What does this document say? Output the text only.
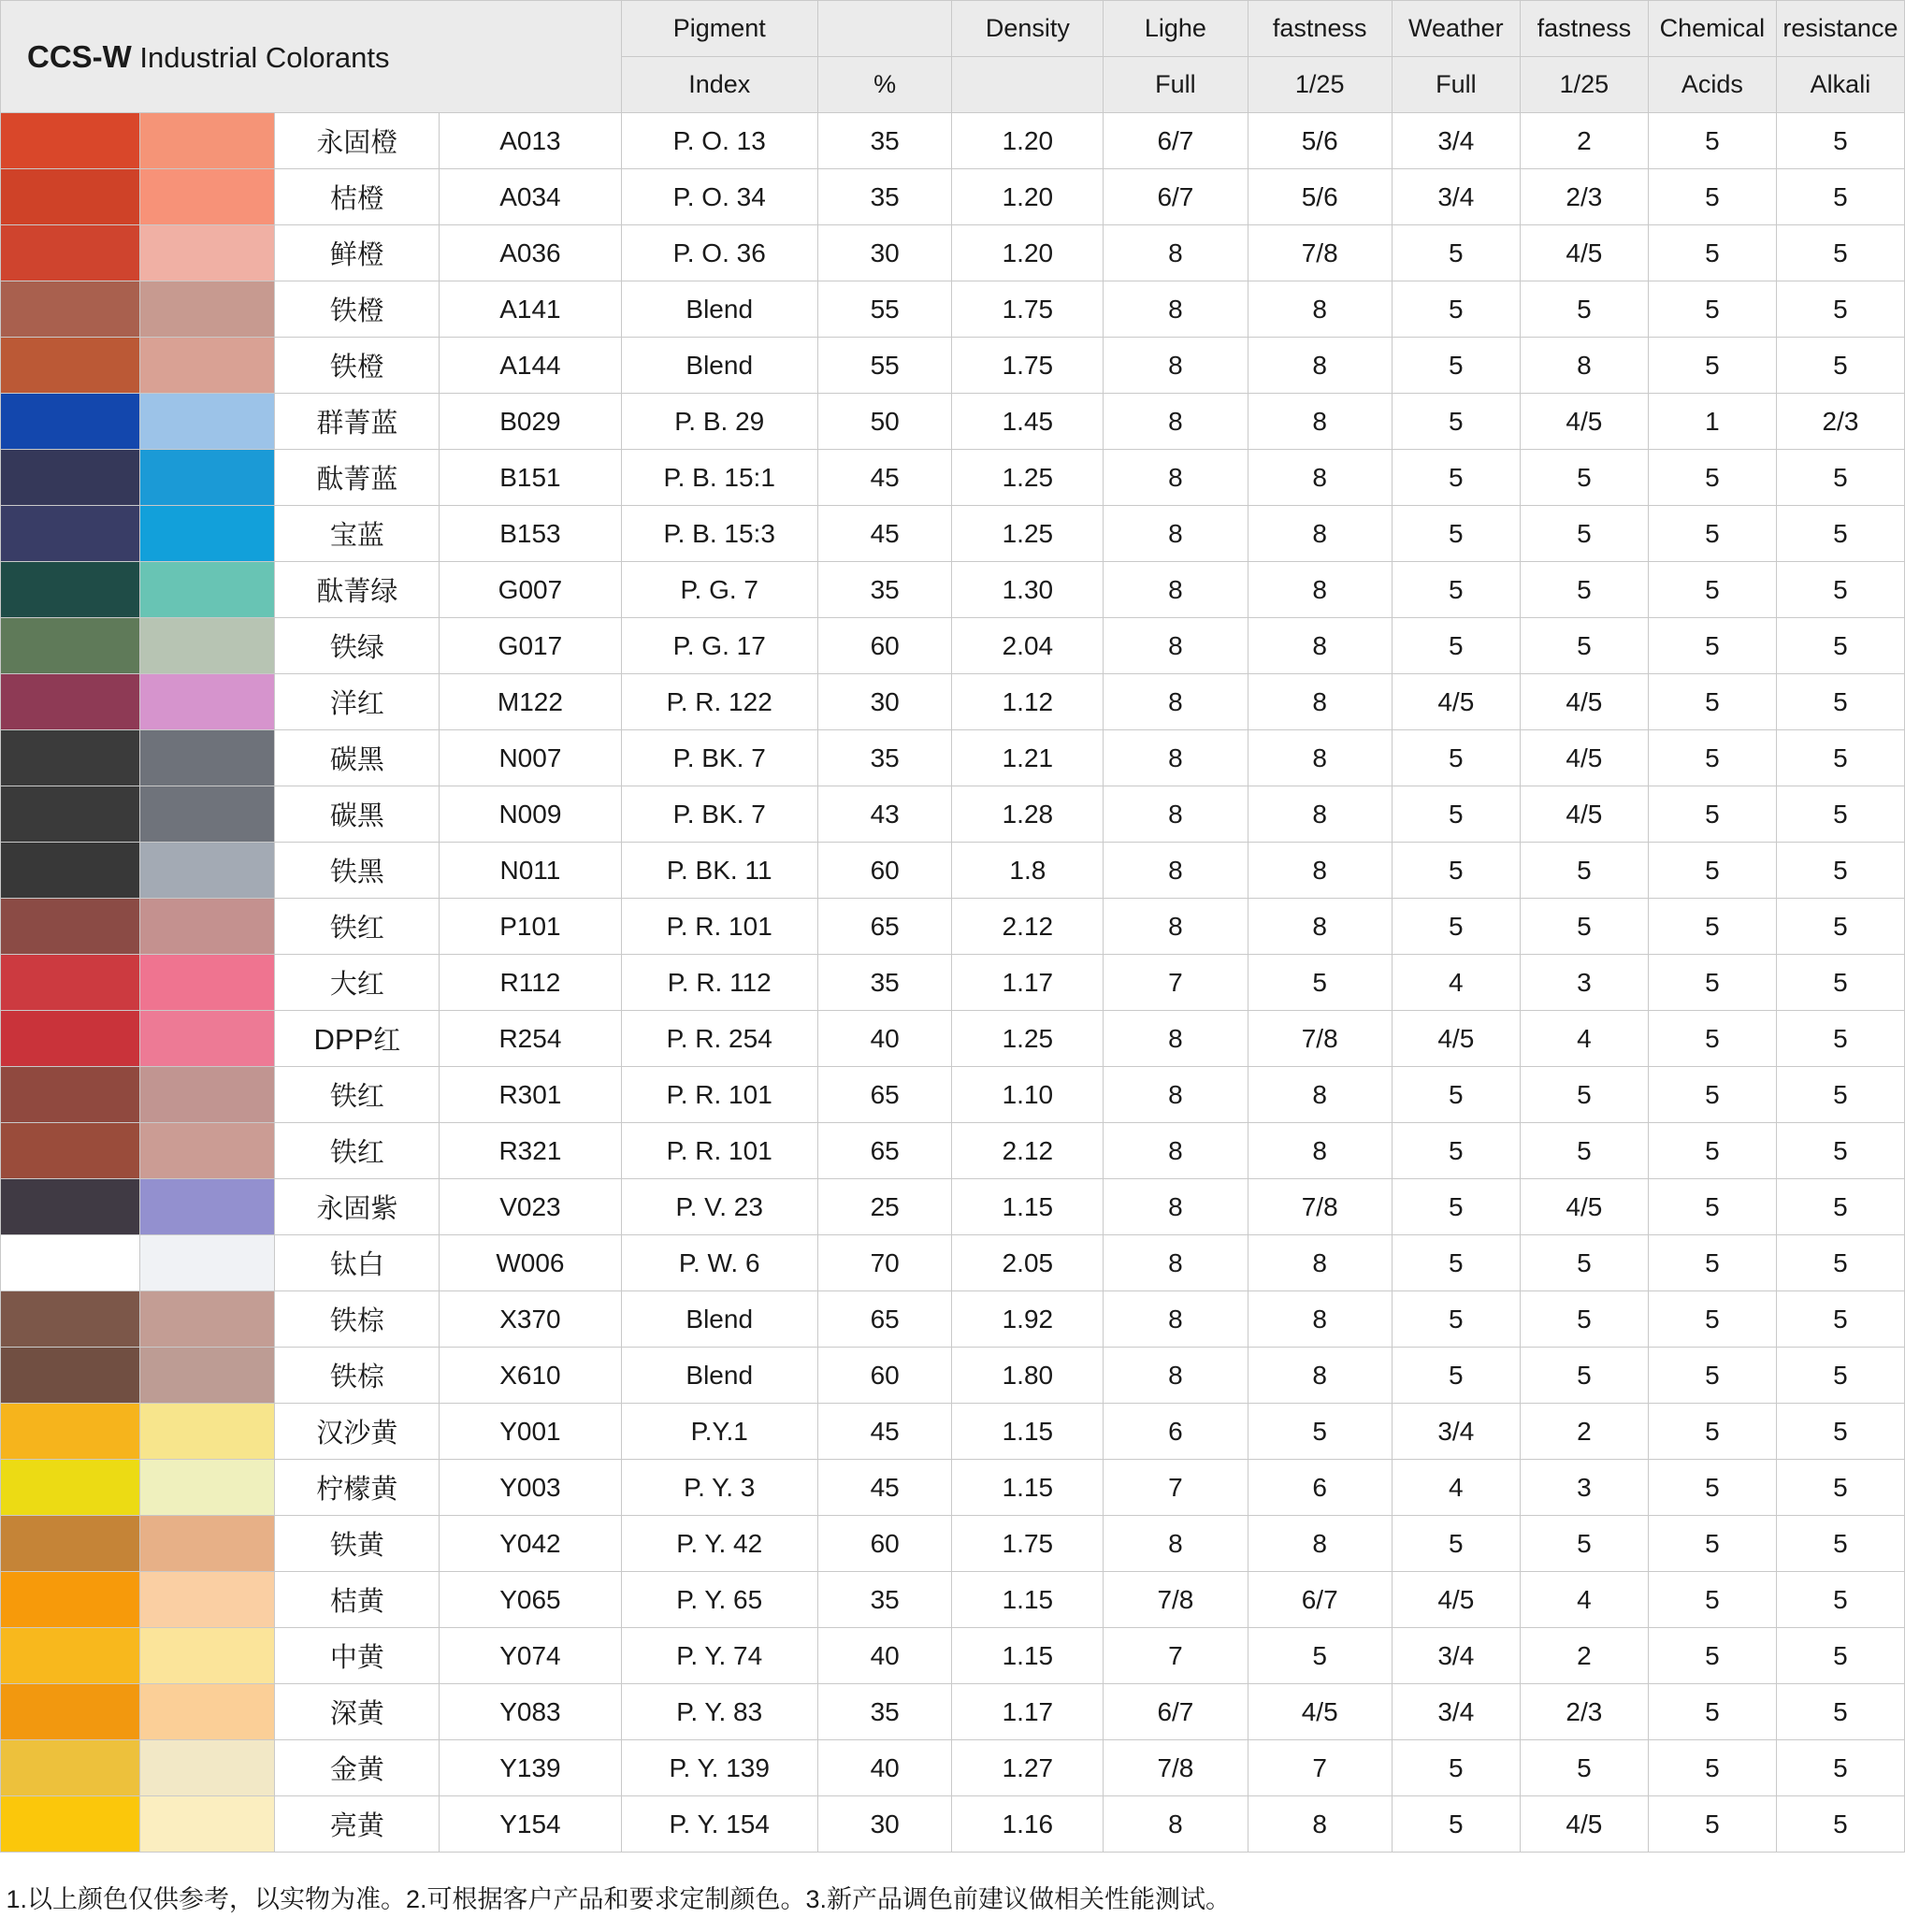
CCS-W Industrial Colorants				Pigment		Density	Lighe	fastness	Weather	fastness	Chemical	resistance
				Index	%		Full	1/25	Full	1/25	Acids	Alkali

	永固橙	A013	P. O. 13	35	1.20	6/7	5/6	3/4	2	5	5

	桔橙	A034	P. O. 34	35	1.20	6/7	5/6	3/4	2/3	5	5

	鲜橙	A036	P. O. 36	30	1.20	8	7/8	5	4/5	5	5

	铁橙	A141	Blend	55	1.75	8	8	5	5	5	5

	铁橙	A144	Blend	55	1.75	8	8	5	8	5	5

	群菁蓝	B029	P. B. 29	50	1.45	8	8	5	4/5	1	2/3

	酞菁蓝	B151	P. B. 15:1	45	1.25	8	8	5	5	5	5

	宝蓝	B153	P. B. 15:3	45	1.25	8	8	5	5	5	5

	酞菁绿	G007	P. G. 7	35	1.30	8	8	5	5	5	5

	铁绿	G017	P. G. 17	60	2.04	8	8	5	5	5	5

	洋红	M122	P. R. 122	30	1.12	8	8	4/5	4/5	5	5

	碳黑	N007	P. BK. 7	35	1.21	8	8	5	4/5	5	5

	碳黑	N009	P. BK. 7	43	1.28	8	8	5	4/5	5	5

	铁黑	N011	P. BK. 11	60	1.8	8	8	5	5	5	5

	铁红	P101	P. R. 101	65	2.12	8	8	5	5	5	5

	大红	R112	P. R. 112	35	1.17	7	5	4	3	5	5

	DPP红	R254	P. R. 254	40	1.25	8	7/8	4/5	4	5	5

	铁红	R301	P. R. 101	65	1.10	8	8	5	5	5	5

	铁红	R321	P. R. 101	65	2.12	8	8	5	5	5	5

	永固紫	V023	P. V. 23	25	1.15	8	7/8	5	4/5	5	5

	钛白	W006	P. W. 6	70	2.05	8	8	5	5	5	5

	铁棕	X370	Blend	65	1.92	8	8	5	5	5	5

	铁棕	X610	Blend	60	1.80	8	8	5	5	5	5

	汉沙黄	Y001	P.Y.1	45	1.15	6	5	3/4	2	5	5

	柠檬黄	Y003	P. Y. 3	45	1.15	7	6	4	3	5	5

	铁黄	Y042	P. Y. 42	60	1.75	8	8	5	5	5	5

	桔黄	Y065	P. Y. 65	35	1.15	7/8	6/7	4/5	4	5	5

	中黄	Y074	P. Y. 74	40	1.15	7	5	3/4	2	5	5

	深黄	Y083	P. Y. 83	35	1.17	6/7	4/5	3/4	2/3	5	5

	金黄	Y139	P. Y. 139	40	1.27	7/8	7	5	5	5	5

	亮黄	Y154	P. Y. 154	30	1.16	8	8	5	4/5	5	5
1.以上颜色仅供参考，以实物为准。2.可根据客户产品和要求定制颜色。3.新产品调色前建议做相关性能测试。												
